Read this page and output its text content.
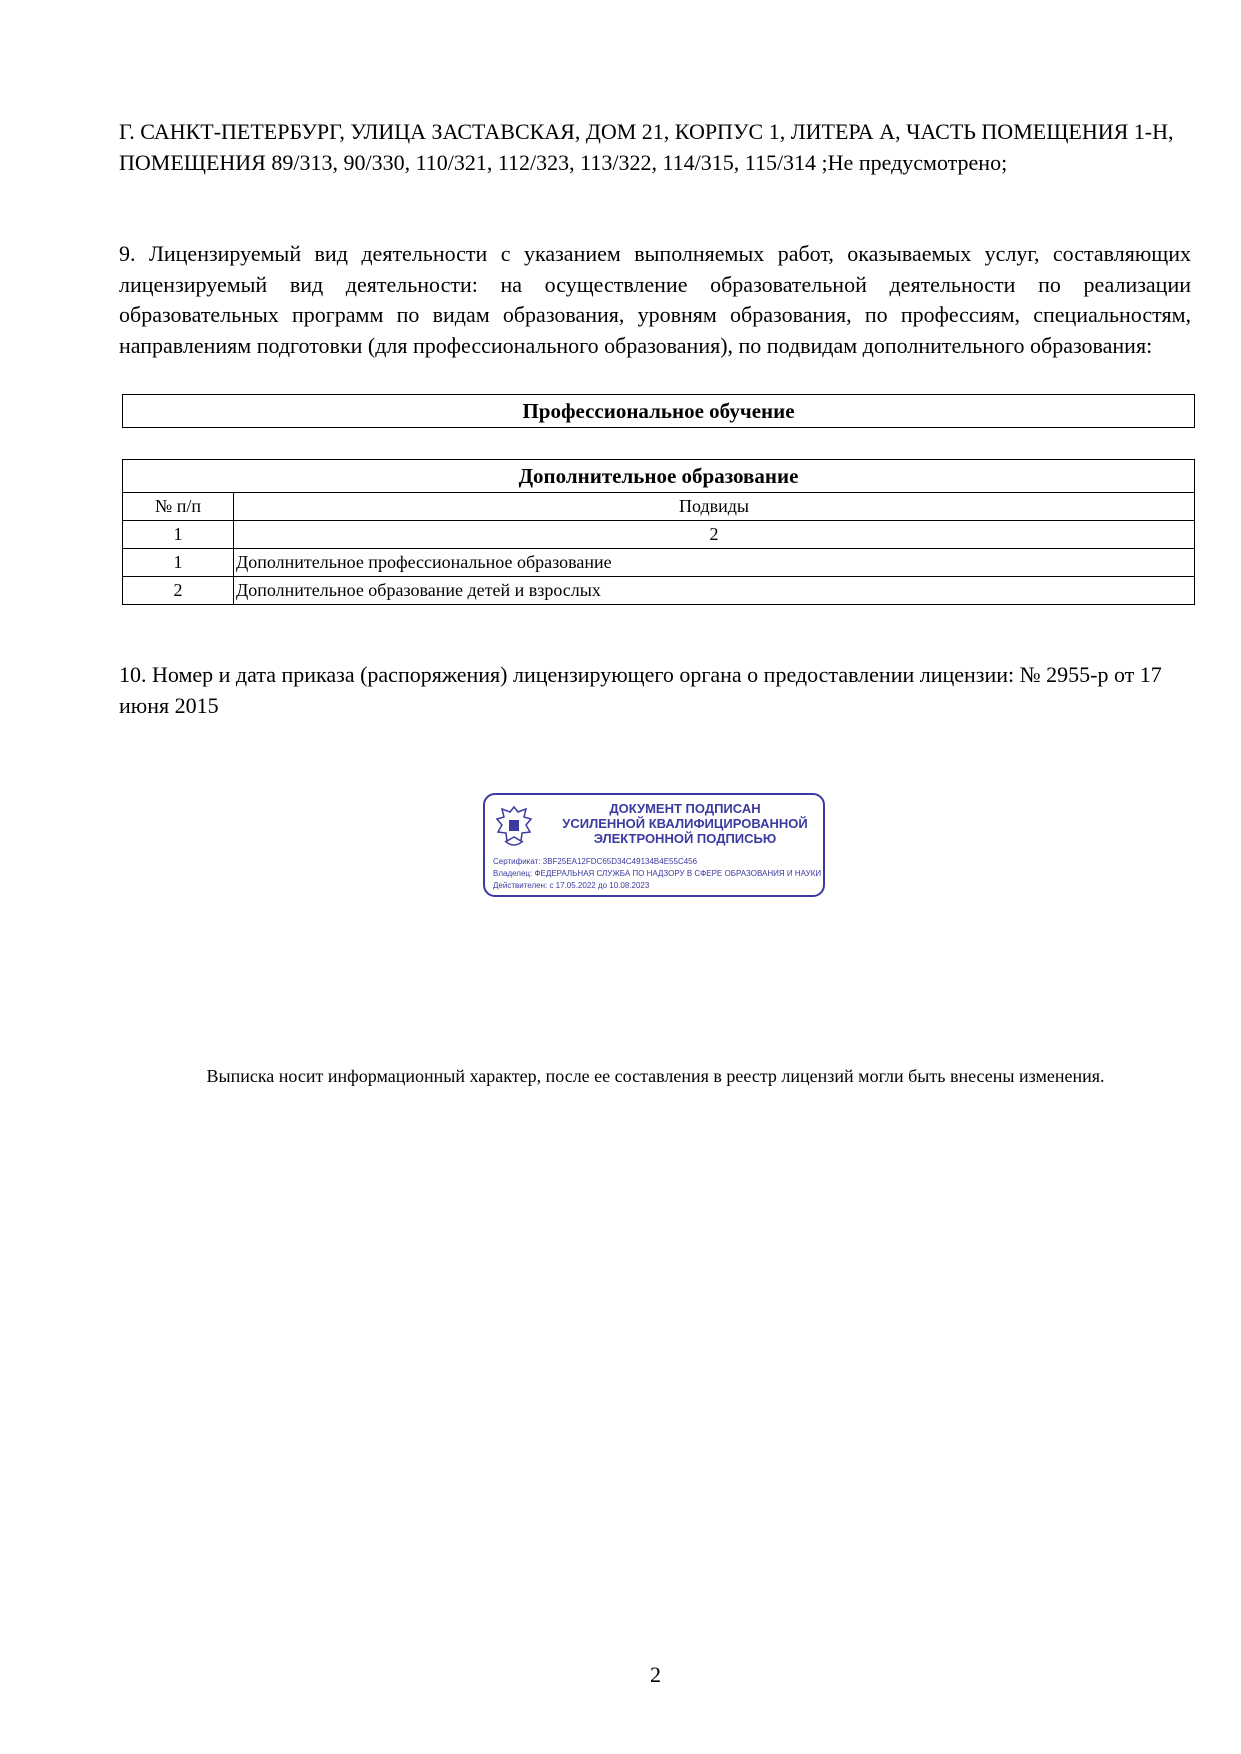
Г. САНКТ-ПЕТЕРБУРГ, УЛИЦА ЗАСТАВСКАЯ, ДОМ 21, КОРПУС 1, ЛИТЕРА А, ЧАСТЬ ПОМЕЩЕНИЯ 1-Н, ПОМЕЩЕНИЯ 89/313, 90/330, 110/321, 112/323, 113/322, 114/315, 115/314 ;Не предусмотрено;
9. Лицензируемый вид деятельности с указанием выполняемых работ, оказываемых услуг, составляющих лицензируемый вид деятельности: на осуществление образовательной деятельности по реализации образовательных программ по видам образования, уровням образования, по профессиям, специальностям, направлениям подготовки (для профессионального образования), по подвидам дополнительного образования:
Профессиональное обучение
Дополнительное образование	
№ п/п	Подвиды
1	2
1	Дополнительное профессиональное образование
2	Дополнительное образование детей и взрослых
10. Номер и дата приказа (распоряжения) лицензирующего органа о предоставлении лицензии: № 2955-р от 17 июня 2015
ДОКУМЕНТ ПОДПИСАН
УСИЛЕННОЙ КВАЛИФИЦИРОВАННОЙ
ЭЛЕКТРОННОЙ ПОДПИСЬЮ
Сертификат: 3BF25EA12FDC65D34C49134B4E55C456
Владелец: ФЕДЕРАЛЬНАЯ СЛУЖБА ПО НАДЗОРУ В СФЕРЕ ОБРАЗОВАНИЯ И НАУКИ
Действителен: с 17.05.2022 до 10.08.2023
Выписка носит информационный характер, после ее составления в реестр лицензий могли быть внесены изменения.
2
